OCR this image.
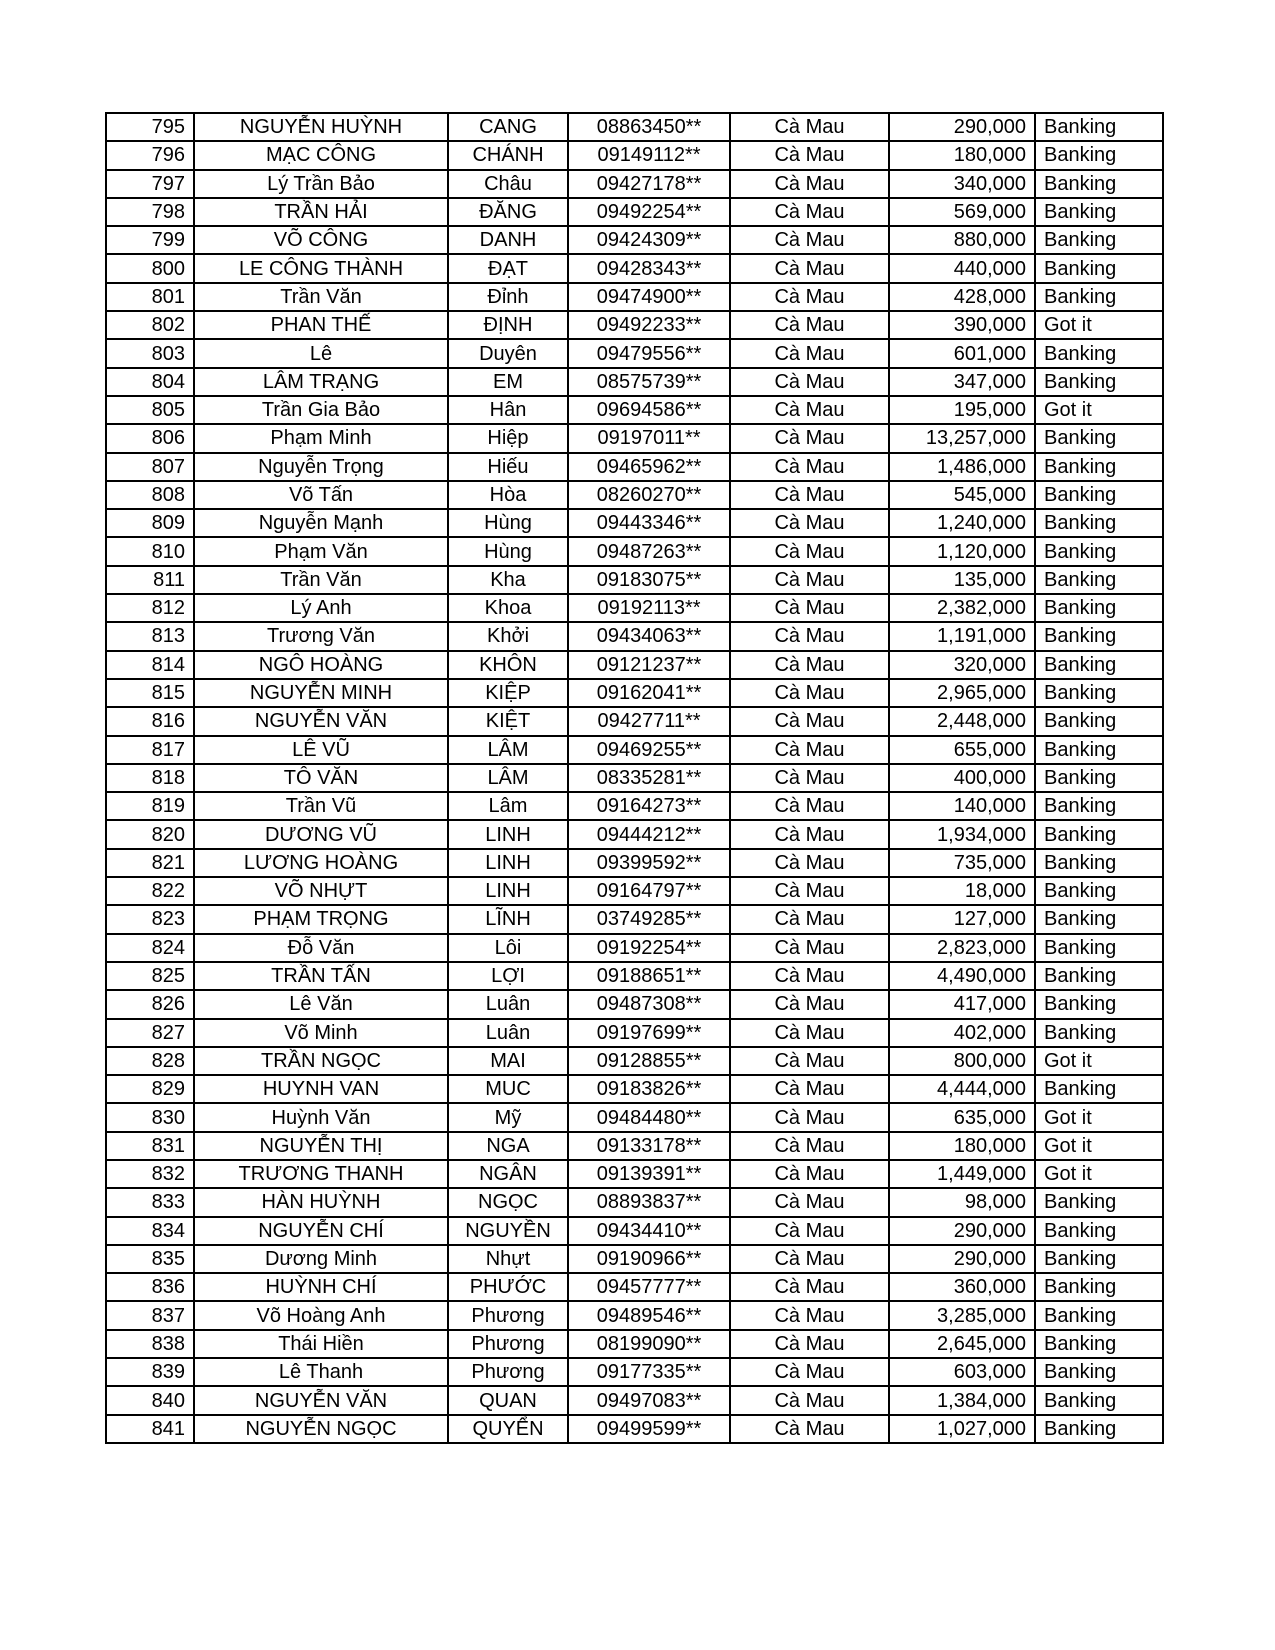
795	NGUYỄN HUỲNH	CANG	08863450**	Cà Mau	290,000	Banking
796	MẠC CÔNG	CHÁNH	09149112**	Cà Mau	180,000	Banking
797	Lý Trần Bảo	Châu	09427178**	Cà Mau	340,000	Banking
798	TRẦN HẢI	ĐĂNG	09492254**	Cà Mau	569,000	Banking
799	VÕ CÔNG	DANH	09424309**	Cà Mau	880,000	Banking
800	LE CÔNG THÀNH	ĐẠT	09428343**	Cà Mau	440,000	Banking
801	Trần Văn	Đỉnh	09474900**	Cà Mau	428,000	Banking
802	PHAN THẾ	ĐỊNH	09492233**	Cà Mau	390,000	Got it
803	Lê	Duyên	09479556**	Cà Mau	601,000	Banking
804	LÂM TRẠNG	EM	08575739**	Cà Mau	347,000	Banking
805	Trần Gia Bảo	Hân	09694586**	Cà Mau	195,000	Got it
806	Phạm Minh	Hiệp	09197011**	Cà Mau	13,257,000	Banking
807	Nguyễn Trọng	Hiếu	09465962**	Cà Mau	1,486,000	Banking
808	Võ Tấn	Hòa	08260270**	Cà Mau	545,000	Banking
809	Nguyễn Mạnh	Hùng	09443346**	Cà Mau	1,240,000	Banking
810	Phạm Văn	Hùng	09487263**	Cà Mau	1,120,000	Banking
811	Trần Văn	Kha	09183075**	Cà Mau	135,000	Banking
812	Lý Anh	Khoa	09192113**	Cà Mau	2,382,000	Banking
813	Trương Văn	Khởi	09434063**	Cà Mau	1,191,000	Banking
814	NGÔ HOÀNG	KHÔN	09121237**	Cà Mau	320,000	Banking
815	NGUYỄN MINH	KIỆP	09162041**	Cà Mau	2,965,000	Banking
816	NGUYỄN VĂN	KIỆT	09427711**	Cà Mau	2,448,000	Banking
817	LÊ VŨ	LÂM	09469255**	Cà Mau	655,000	Banking
818	TÔ VĂN	LÂM	08335281**	Cà Mau	400,000	Banking
819	Trần Vũ	Lâm	09164273**	Cà Mau	140,000	Banking
820	DƯƠNG VŨ	LINH	09444212**	Cà Mau	1,934,000	Banking
821	LƯƠNG HOÀNG	LINH	09399592**	Cà Mau	735,000	Banking
822	VÕ NHỰT	LINH	09164797**	Cà Mau	18,000	Banking
823	PHẠM TRỌNG	LĨNH	03749285**	Cà Mau	127,000	Banking
824	Đỗ Văn	Lôi	09192254**	Cà Mau	2,823,000	Banking
825	TRẦN TẤN	LỢI	09188651**	Cà Mau	4,490,000	Banking
826	Lê Văn	Luân	09487308**	Cà Mau	417,000	Banking
827	Võ Minh	Luân	09197699**	Cà Mau	402,000	Banking
828	TRẦN NGỌC	MAI	09128855**	Cà Mau	800,000	Got it
829	HUYNH VAN	MUC	09183826**	Cà Mau	4,444,000	Banking
830	Huỳnh Văn	Mỹ	09484480**	Cà Mau	635,000	Got it
831	NGUYỄN THỊ	NGA	09133178**	Cà Mau	180,000	Got it
832	TRƯƠNG THANH	NGÂN	09139391**	Cà Mau	1,449,000	Got it
833	HÀN HUỲNH	NGỌC	08893837**	Cà Mau	98,000	Banking
834	NGUYỄN CHÍ	NGUYỀN	09434410**	Cà Mau	290,000	Banking
835	Dương Minh	Nhựt	09190966**	Cà Mau	290,000	Banking
836	HUỲNH CHÍ	PHƯỚC	09457777**	Cà Mau	360,000	Banking
837	Võ Hoàng Anh	Phương	09489546**	Cà Mau	3,285,000	Banking
838	Thái Hiền	Phương	08199090**	Cà Mau	2,645,000	Banking
839	Lê Thanh	Phương	09177335**	Cà Mau	603,000	Banking
840	NGUYỄN VĂN	QUAN	09497083**	Cà Mau	1,384,000	Banking
841	NGUYỄN NGỌC	QUYỂN	09499599**	Cà Mau	1,027,000	Banking
